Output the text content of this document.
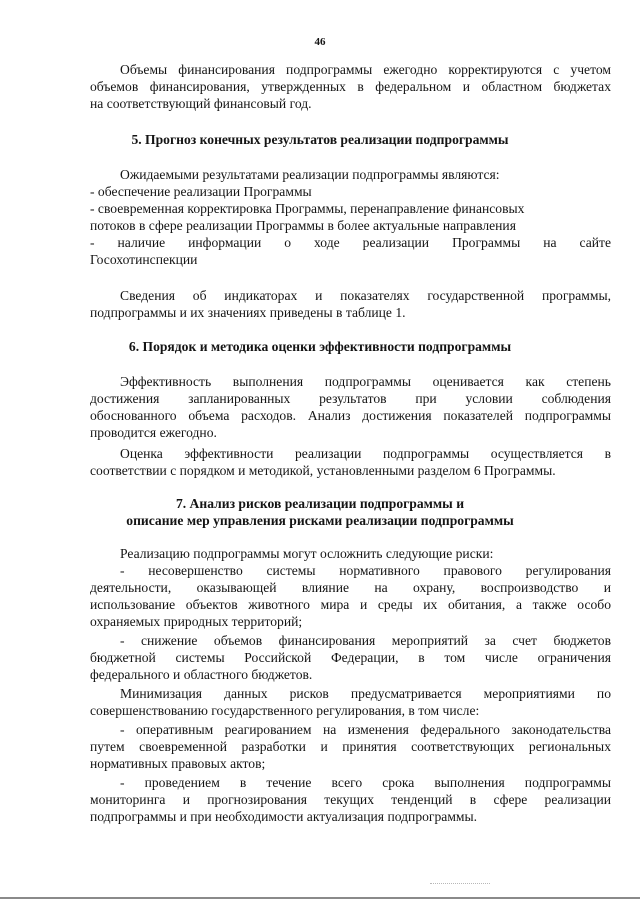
46
Объемы финансирования подпрограммы ежегодно корректируются с учетом
объемов финансирования, утвержденных в федеральном и областном бюджетах
на соответствующий финансовый год.
5. Прогноз конечных результатов реализации подпрограммы
Ожидаемыми результатами реализации подпрограммы являются:
- обеспечение реализации Программы
- своевременная корректировка Программы, перенаправление финансовых
потоков в сфере реализации Программы в более актуальные направления
- наличие информации о ходе реализации Программы на сайте
Госохотинспекции
Сведения об индикаторах и показателях государственной программы,
подпрограммы и их значениях приведены в таблице 1.
6. Порядок и методика оценки эффективности подпрограммы
Эффективность выполнения подпрограммы оценивается как степень
достижения запланированных результатов при условии соблюдения
обоснованного объема расходов. Анализ достижения показателей подпрограммы
проводится ежегодно.
Оценка эффективности реализации подпрограммы осуществляется в
соответствии с порядком и методикой, установленными разделом 6 Программы.
7. Анализ рисков реализации подпрограммы и
описание мер управления рисками реализации подпрограммы
Реализацию подпрограммы могут осложнить следующие риски:
- несовершенство системы нормативного правового регулирования
деятельности, оказывающей влияние на охрану, воспроизводство и
использование объектов животного мира и среды их обитания, а также особо
охраняемых природных территорий;
- снижение объемов финансирования мероприятий за счет бюджетов
бюджетной системы Российской Федерации, в том числе ограничения
федерального и областного бюджетов.
Минимизация данных рисков предусматривается мероприятиями по
совершенствованию государственного регулирования, в том числе:
- оперативным реагированием на изменения федерального законодательства
путем своевременной разработки и принятия соответствующих региональных
нормативных правовых актов;
- проведением в течение всего срока выполнения подпрограммы
мониторинга и прогнозирования текущих тенденций в сфере реализации
подпрограммы и при необходимости актуализация подпрограммы.
